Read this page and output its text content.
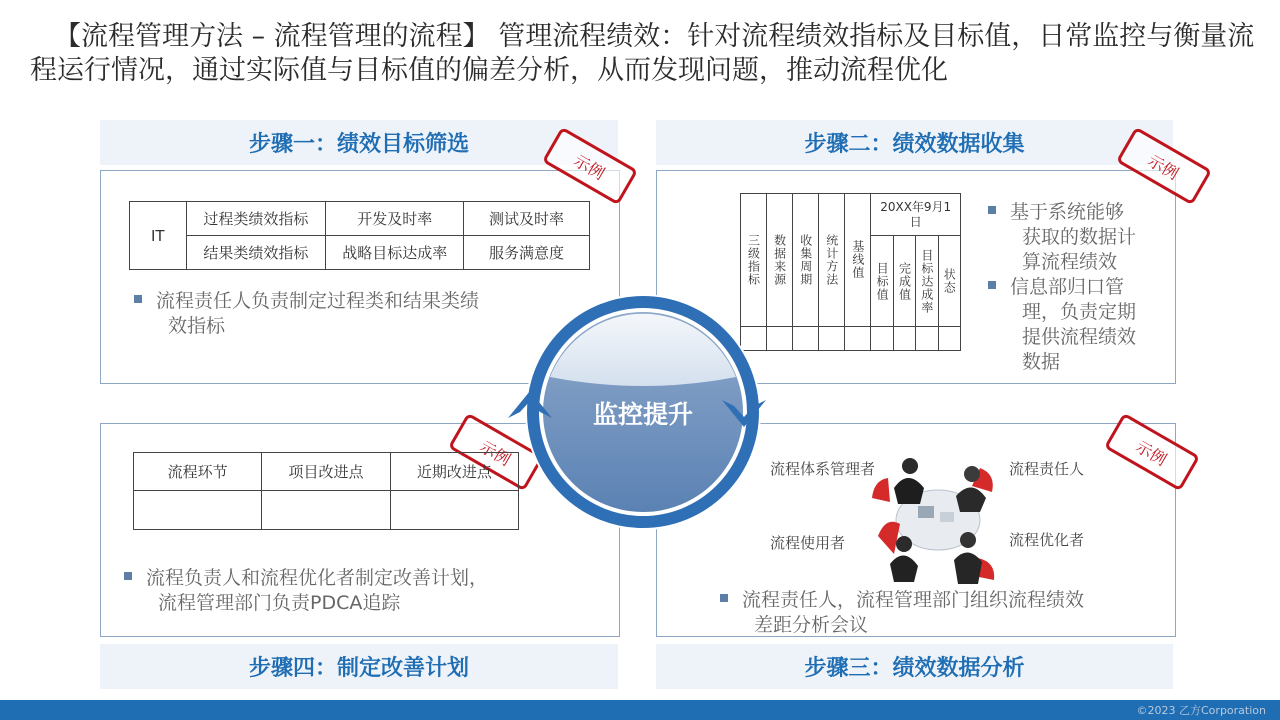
【流程管理方法 – 流程管理的流程】 管理流程绩效：针对流程绩效指标及目标值，日常监控与衡量流程运行情况，通过实际值与目标值的偏差分析，从而发现问题，推动流程优化
步骤一：绩效目标筛选
示例
IT	过程类绩效指标	开发及时率	测试及时率
	结果类绩效指标	战略目标达成率	服务满意度
流程责任人负责制定过程类和结果类绩
效指标
步骤二：绩效数据收集
示例
三级指标	数据来源	收集周期	统计方法	基线值	20XX年9月1日			

					目标值	完成值	目标达成率	状态

基于系统能够
获取的数据计
算流程绩效
信息部归口管
理，负责定期
提供流程绩效
数据
示例
步骤四：制定改善计划
流程环节	项目改进点	近期改进点

流程负责人和流程优化者制定改善计划，
流程管理部门负责PDCA追踪
示例
步骤三：绩效数据分析
流程体系管理者	流程责任人
流程使用者	流程优化者
流程责任人，流程管理部门组织流程绩效
差距分析会议
监控提升
©2023 乙方Corporation
